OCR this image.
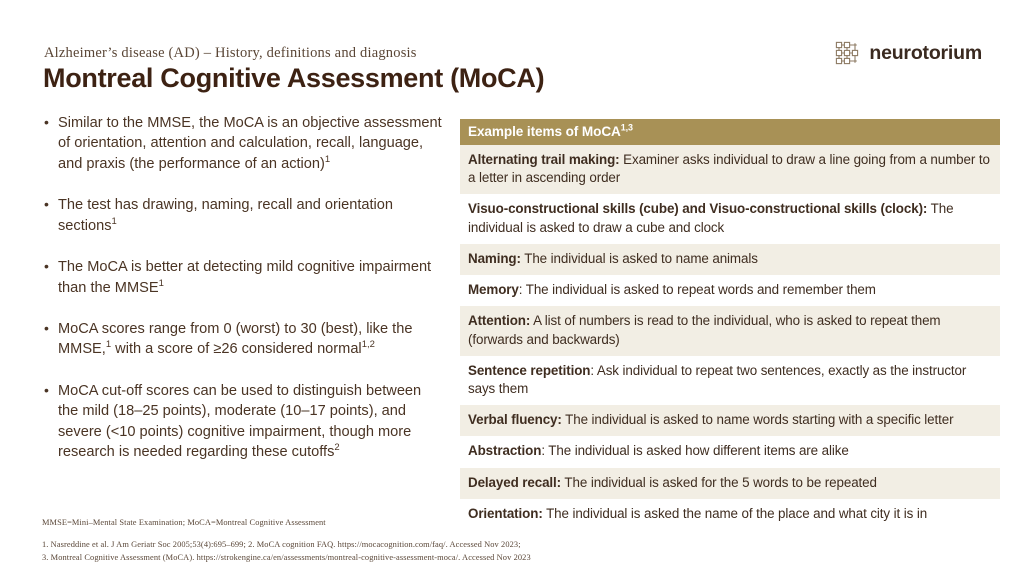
Alzheimer’s disease (AD) – History, definitions and diagnosis
Montreal Cognitive Assessment (MoCA)
neurotorium
• Similar to the MMSE, the MoCA is an objective assessment of orientation, attention and calculation, recall, language, and praxis (the performance of an action)$^1$
• The test has drawing, naming, recall and orientation sections$^1$
• The MoCA is better at detecting mild cognitive impairment than the MMSE$^1$
• MoCA scores range from 0 (worst) to 30 (best), like the MMSE,$^1$ with a score of ≥26 considered normal$^{1,2}$
• MoCA cut-off scores can be used to distinguish between the mild (18–25 points), moderate (10–17 points), and severe (<10 points) cognitive impairment, though more research is needed regarding these cutoffs$^2$
Example items of MoCA$^{1,3}$
Alternating trail making: Examiner asks individual to draw a line going from a number to a letter in ascending order
Visuo-constructional skills (cube) and Visuo-constructional skills (clock): The individual is asked to draw a cube and clock
Naming: The individual is asked to name animals
Memory: The individual is asked to repeat words and remember them
Attention: A list of numbers is read to the individual, who is asked to repeat them (forwards and backwards)
Sentence repetition: Ask individual to repeat two sentences, exactly as the instructor says them
Verbal fluency: The individual is asked to name words starting with a specific letter
Abstraction: The individual is asked how different items are alike
Delayed recall: The individual is asked for the 5 words to be repeated
Orientation: The individual is asked the name of the place and what city it is in
MMSE=Mini–Mental State Examination; MoCA=Montreal Cognitive Assessment
1. Nasreddine et al. J Am Geriatr Soc 2005;53(4):695–699; 2. MoCA cognition FAQ. https://mocacognition.com/faq/. Accessed Nov 2023;
3. Montreal Cognitive Assessment (MoCA). https://strokengine.ca/en/assessments/montreal-cognitive-assessment-moca/. Accessed Nov 2023
